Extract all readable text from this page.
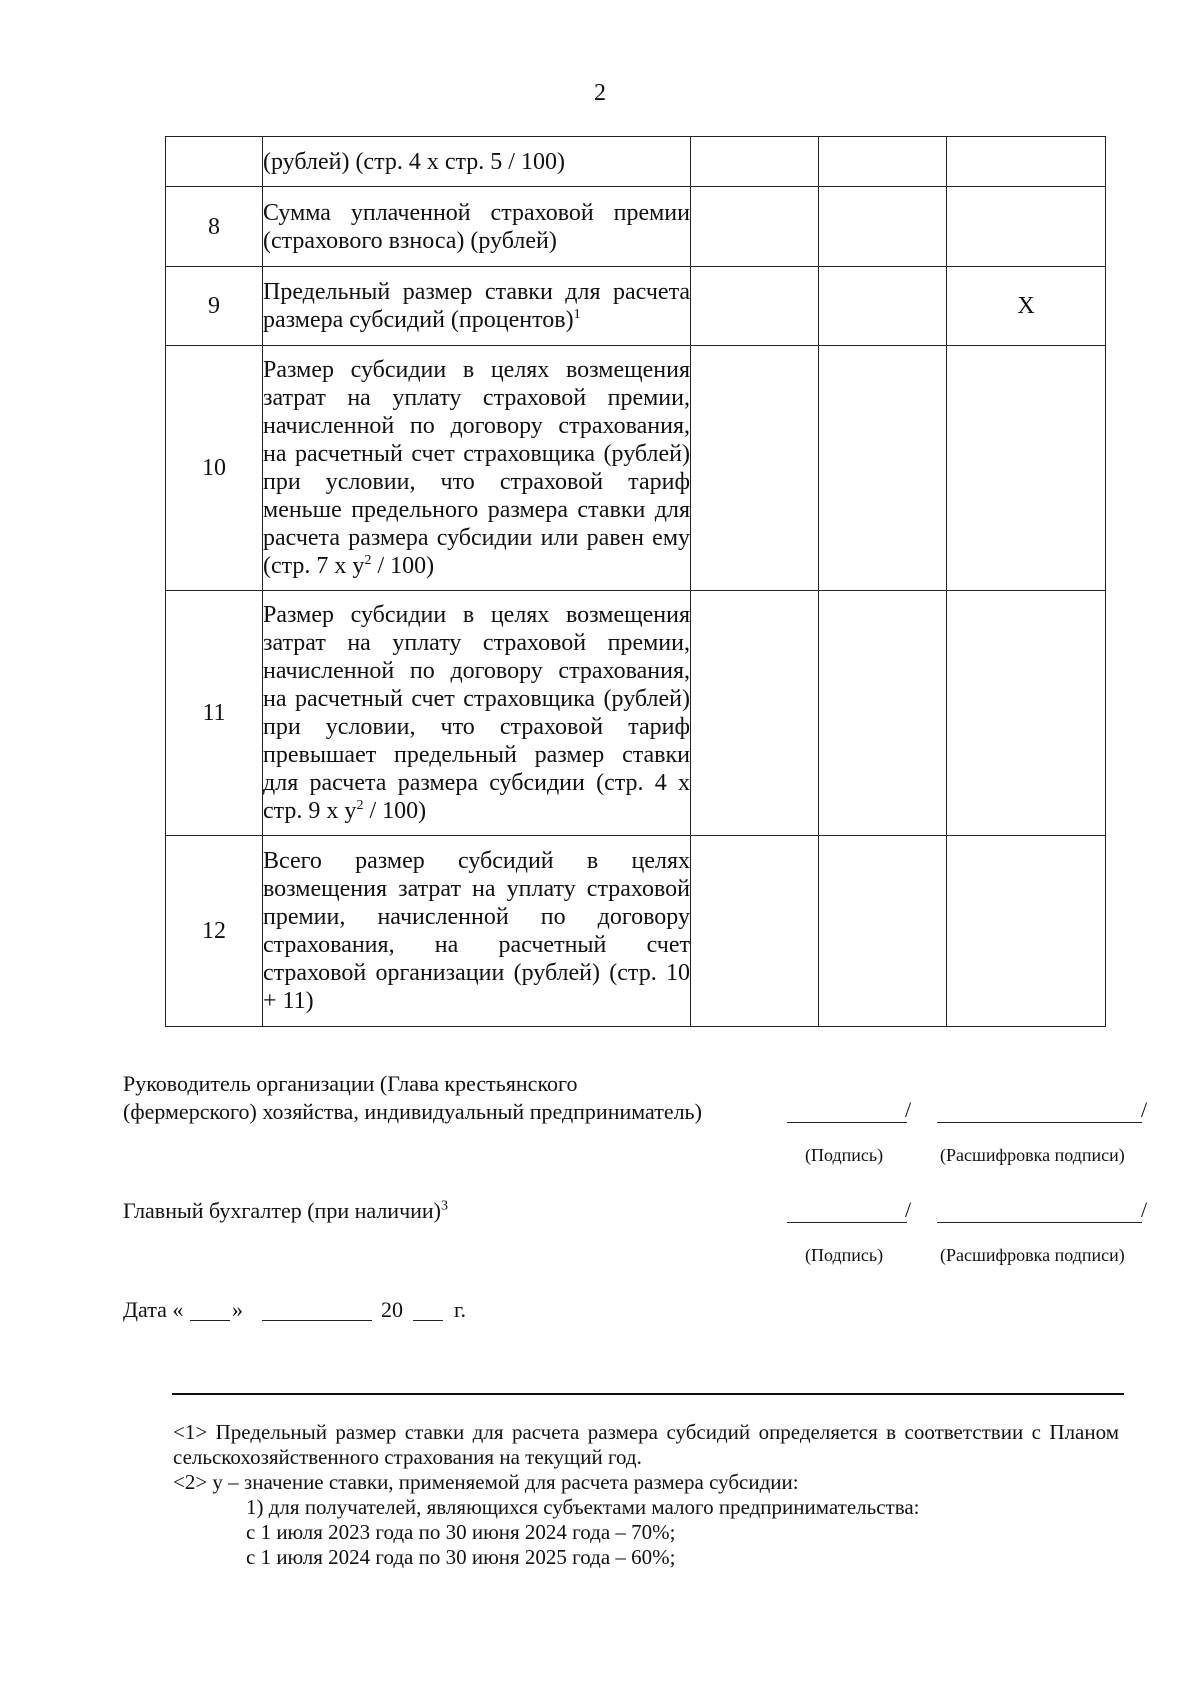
2
	(рублей) (стр. 4 х стр. 5 / 100)			
8	Сумма уплаченной страховой премии (страхового взноса) (рублей)			
9	Предельный размер ставки для расчета размера субсидий (процентов)$^1$			Х
10	Размер субсидии в целях возмещения затрат на уплату страховой премии, начисленной по договору страхования, на расчетный счет страховщика (рублей) при условии, что страховой тариф меньше предельного размера ставки для расчета размера субсидии или равен ему (стр. 7 х $у^2 / 100$)			
11	Размер субсидии в целях возмещения затрат на уплату страховой премии, начисленной по договору страхования, на расчетный счет страховщика (рублей) при условии, что страховой тариф превышает предельный размер ставки для расчета размера субсидии (стр. 4 х стр. 9 х $у^2 / 100$)			
12	Всего размер субсидий в целях возмещения затрат на уплату страховой премии, начисленной по договору страхования, на расчетный счет страховой организации (рублей) (стр. 10 + 11)			
Руководитель организации (Глава крестьянского
(фермерского) хозяйства, индивидуальный предприниматель)	/	/
(Подпись)	(Расшифровка подписи)
Главный бухгалтер (при наличии)$^3$	/	/
(Подпись)	(Расшифровка подписи)
Дата « »	20 г.
<1> Предельный размер ставки для расчета размера субсидий определяется в соответствии с Планом сельскохозяйственного страхования на текущий год.
<2> у – значение ставки, применяемой для расчета размера субсидии:
1) для получателей, являющихся субъектами малого предпринимательства:
с 1 июля 2023 года по 30 июня 2024 года – 70%;
с 1 июля 2024 года по 30 июня 2025 года – 60%;
